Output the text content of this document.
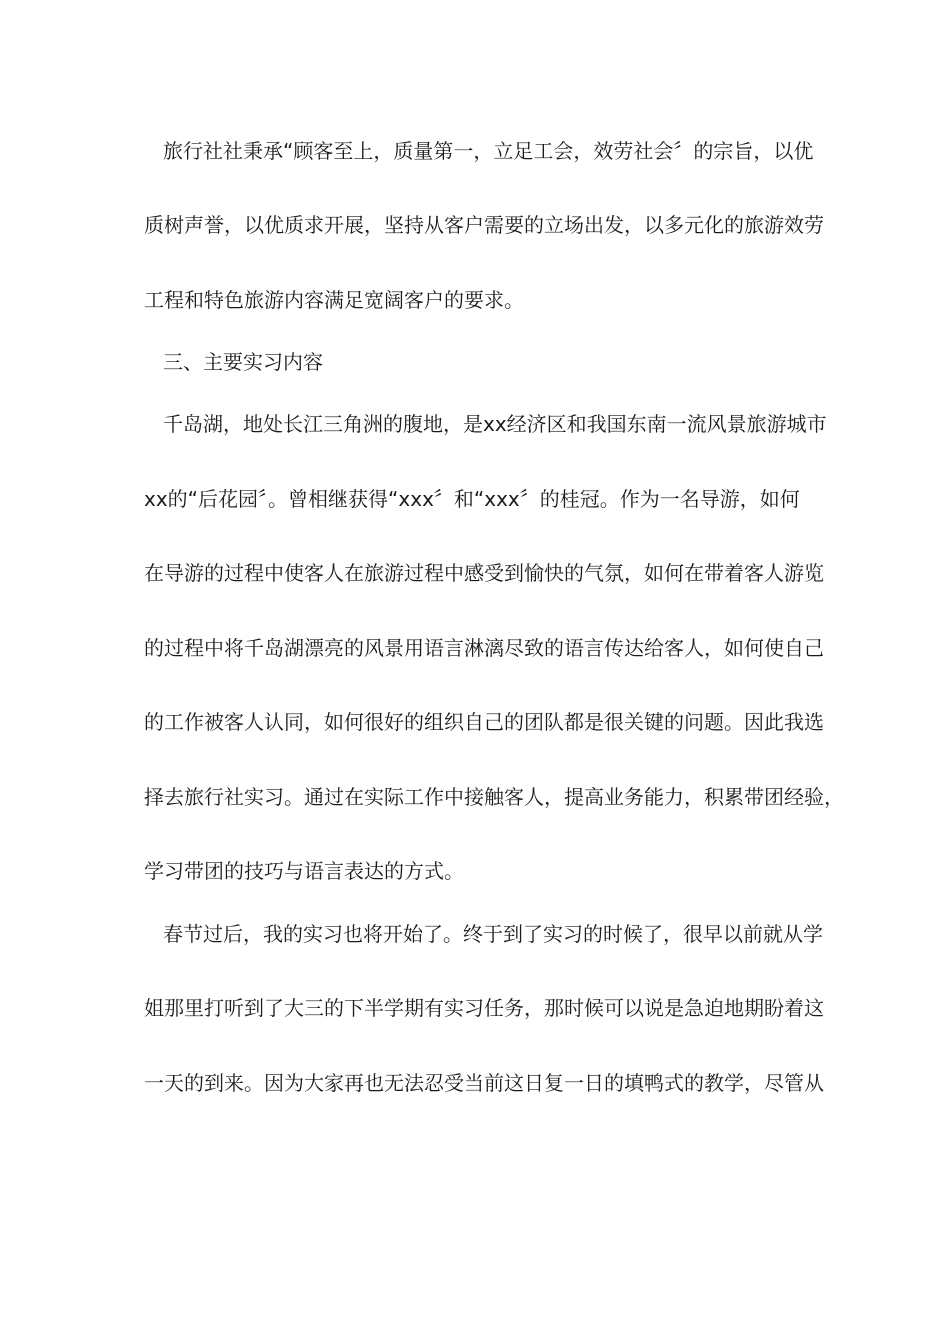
旅行社社秉承“顾客至上，质量第一，立足工会，效劳社会〞的宗旨，以优
质树声誉，以优质求开展，坚持从客户需要的立场出发，以多元化的旅游效劳
工程和特色旅游内容满足宽阔客户的要求。
三、主要实习内容
千岛湖，地处长江三角洲的腹地，是xx经济区和我国东南一流风景旅游城市
xx的“后花园〞。曾相继获得“xxx〞和“xxx〞的桂冠。作为一名导游，如何
在导游的过程中使客人在旅游过程中感受到愉快的气氛，如何在带着客人游览
的过程中将千岛湖漂亮的风景用语言淋漓尽致的语言传达给客人，如何使自己
的工作被客人认同，如何很好的组织自己的团队都是很关键的问题。因此我选
择去旅行社实习。通过在实际工作中接触客人，提高业务能力，积累带团经验，
学习带团的技巧与语言表达的方式。
春节过后，我的实习也将开始了。终于到了实习的时候了，很早以前就从学
姐那里打听到了大三的下半学期有实习任务，那时候可以说是急迫地期盼着这
一天的到来。因为大家再也无法忍受当前这日复一日的填鸭式的教学，尽管从
